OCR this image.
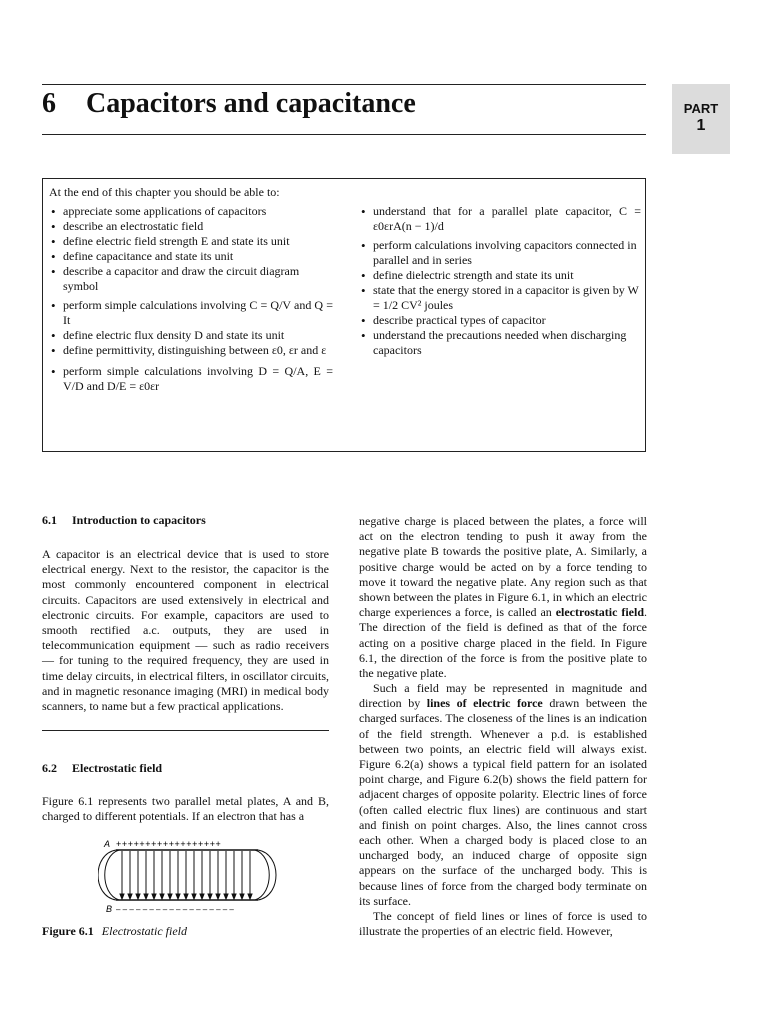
6 Capacitors and capacitance	PART
1
At the end of this chapter you should be able to:
• appreciate some applications of capacitors
• describe an electrostatic field
• define electric field strength E and state its unit
• define capacitance and state its unit
• describe a capacitor and draw the circuit diagram symbol
• perform simple calculations involving C = Q/V and Q = It
• define electric flux density D and state its unit
• define permittivity, distinguishing between ε0, εr and ε
• perform simple calculations involving D = Q/A, E = V/D and D/E = ε0εr
• understand that for a parallel plate capacitor, C = ε0εrA(n − 1)/d
• perform calculations involving capacitors connected in parallel and in series
• define dielectric strength and state its unit
• state that the energy stored in a capacitor is given by W = 1/2 CV² joules
• describe practical types of capacitor
• understand the precautions needed when discharging capacitors
6.1 Introduction to capacitors

A capacitor is an electrical device that is used to store electrical energy. Next to the resistor, the capacitor is the most commonly encountered component in electrical circuits. Capacitors are used extensively in electrical and electronic circuits. For example, capacitors are used to smooth rectified a.c. outputs, they are used in telecommunication equipment — such as radio receivers — for tuning to the required frequency, they are used in time delay circuits, in electrical filters, in oscillator circuits, and in magnetic resonance imaging (MRI) in medical body scanners, to name but a few practical applications.

6.2 Electrostatic field

Figure 6.1 represents two parallel metal plates, A and B, charged to different potentials. If an electron that has a

A ++++++++++++++++++
B – – – – – – – – – – – – – – – – – –
Figure 6.1 Electrostatic field

negative charge is placed between the plates, a force will act on the electron tending to push it away from the negative plate B towards the positive plate, A. Similarly, a positive charge would be acted on by a force tending to move it toward the negative plate. Any region such as that shown between the plates in Figure 6.1, in which an electric charge experiences a force, is called an electrostatic field. The direction of the field is defined as that of the force acting on a positive charge placed in the field. In Figure 6.1, the direction of the force is from the positive plate to the negative plate.

Such a field may be represented in magnitude and direction by lines of electric force drawn between the charged surfaces. The closeness of the lines is an indication of the field strength. Whenever a p.d. is established between two points, an electric field will always exist. Figure 6.2(a) shows a typical field pattern for an isolated point charge, and Figure 6.2(b) shows the field pattern for adjacent charges of opposite polarity. Electric lines of force (often called electric flux lines) are continuous and start and finish on point charges. Also, the lines cannot cross each other. When a charged body is placed close to an uncharged body, an induced charge of opposite sign appears on the surface of the uncharged body. This is because lines of force from the charged body terminate on its surface.

The concept of field lines or lines of force is used to illustrate the properties of an electric field. However,
